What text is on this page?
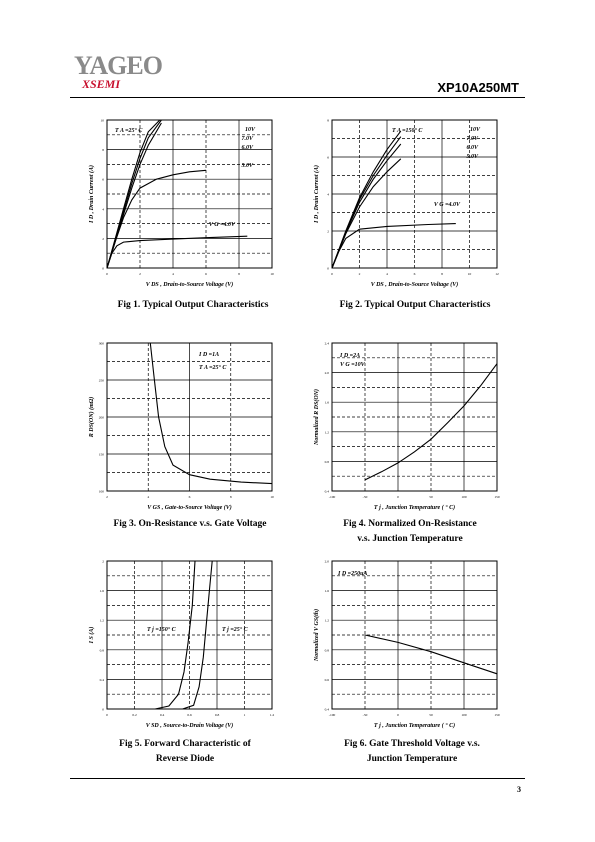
YAGEO
XSEMI	XP10A250MT
0	2	4	6	8	10
0
2
4
6
8
10
V DS , Drain-to-Source Voltage (V)
I D , Drain Current (A)
T A =25° C	10V
7.0V
6.0V
5.0V
V G =4.0V
0	2	4	6	8	10	12
0
2
4
6
8
V DS , Drain-to-Source Voltage (V)
I D , Drain Current (A)
T A =150° C	10V
7.0V
6.0V
5.0V
V G =4.0V
2	4	6	8	10
100
150
200
250
300
V GS , Gate-to-Source Voltage (V)
R DS(ON) (mΩ)
I D =1A
T A =25° C
-100	-50	0	50	100	150
0.4
0.8
1.2
1.6
2.0
2.4
T j , Junction Temperature ( ° C)
Normalized R DS(ON)
I D =2A
V G =10V
0	0.2	0.4	0.6	0.8	1	1.2
0
0.4
0.8
1.2
1.6
2
V SD , Source-to-Drain Voltage (V)
I S (A)	T j =150° C	T j =25° C
-100	-50	0	50	100	150
0.4
0.6
0.8
1.2
1.6
2.0
T j , Junction Temperature ( ° C)
Normalized V GS(th)
I D =250uA
Fig 1. Typical Output Characteristics	Fig 2. Typical Output Characteristics
Fig 3. On-Resistance v.s. Gate Voltage	Fig 4. Normalized On-Resistance
v.s. Junction Temperature
Fig 5. Forward Characteristic of
Reverse Diode
Fig 6. Gate Threshold Voltage v.s.
Junction Temperature
3
